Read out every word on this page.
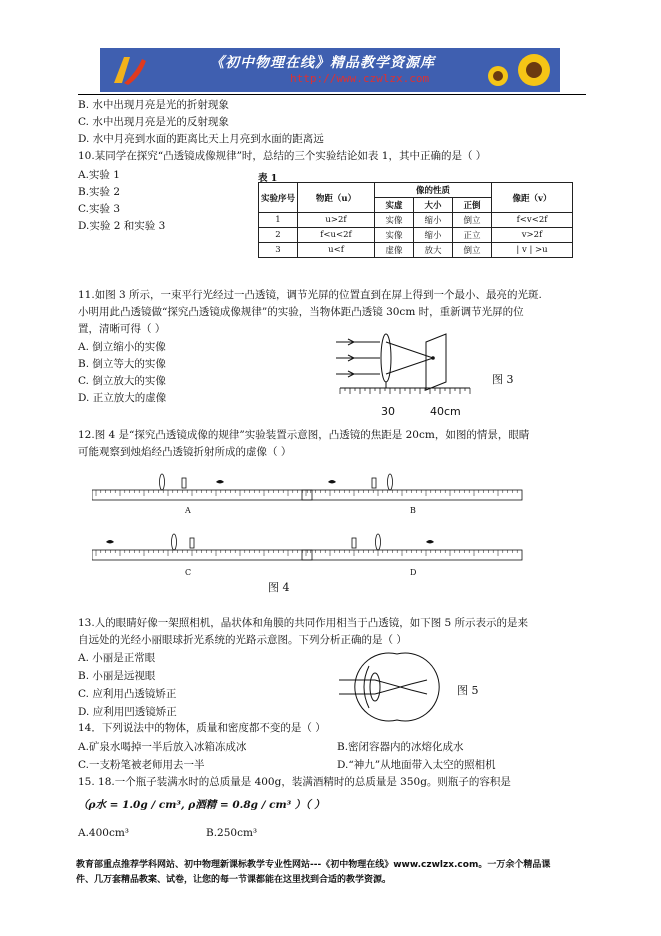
《初中物理在线》精品教学资源库
http://www.czwlzx.com
B. 水中出现月亮是光的折射现象
C. 水中出现月亮是光的反射现象
D. 水中月亮到水面的距离比天上月亮到水面的距离远
10.某同学在探究“凸透镜成像规律”时，总结的三个实验结论如表 1，其中正确的是（ ）
A.实验 1
B.实验 2
C.实验 3
D.实验 2 和实验 3
表 1
实验序号	物距（u）	像的性质			像距（v）
		实虚	大小	正倒	
1	u>2f	实像	缩小	倒立	f<v<2f
2	f<u<2f	实像	缩小	正立	v>2f
3	u<f	虚像	放大	倒立	| v | >u
11.如图 3 所示，一束平行光经过一凸透镜，调节光屏的位置直到在屏上得到一个最小、最亮的光斑.
小明用此凸透镜做“探究凸透镜成像规律”的实验，当物体距凸透镜 30cm 时，重新调节光屏的位
置，清晰可得（ ）
A. 倒立缩小的实像
B. 倒立等大的实像
C. 倒立放大的实像
D. 正立放大的虚像
30	40cm
图 3
12.图 4 是“探究凸透镜成像的规律”实验装置示意图，凸透镜的焦距是 20cm，如图的情景，眼睛
可能观察到烛焰经凸透镜折射所成的虚像（ ）
A	B
C	D
图 4
13.人的眼睛好像一架照相机，晶状体和角膜的共同作用相当于凸透镜，如下图 5 所示表示的是来
自远处的光经小丽眼球折光系统的光路示意图。下列分析正确的是（ ）
A. 小丽是正常眼
B. 小丽是远视眼
C. 应利用凸透镜矫正
D. 应利用凹透镜矫正
图 5
14．下列说法中的物体，质量和密度都不变的是（ ）
A.矿泉水喝掉一半后放入冰箱冻成冰	B.密闭容器内的冰熔化成水
C.一支粉笔被老师用去一半	D.“神九”从地面带入太空的照相机
15. 18.一个瓶子装满水时的总质量是 400g，装满酒精时的总质量是 350g。则瓶子的容积是
（ρ水 = 1.0g / cm³, ρ酒精 = 0.8g / cm³ ）（ ）
A.400cm³	B.250cm³
教育部重点推荐学科网站、初中物理新课标教学专业性网站---《初中物理在线》www.czwlzx.com。一万余个精品课
件、几万套精品教案、试卷，让您的每一节课都能在这里找到合适的教学资源。
